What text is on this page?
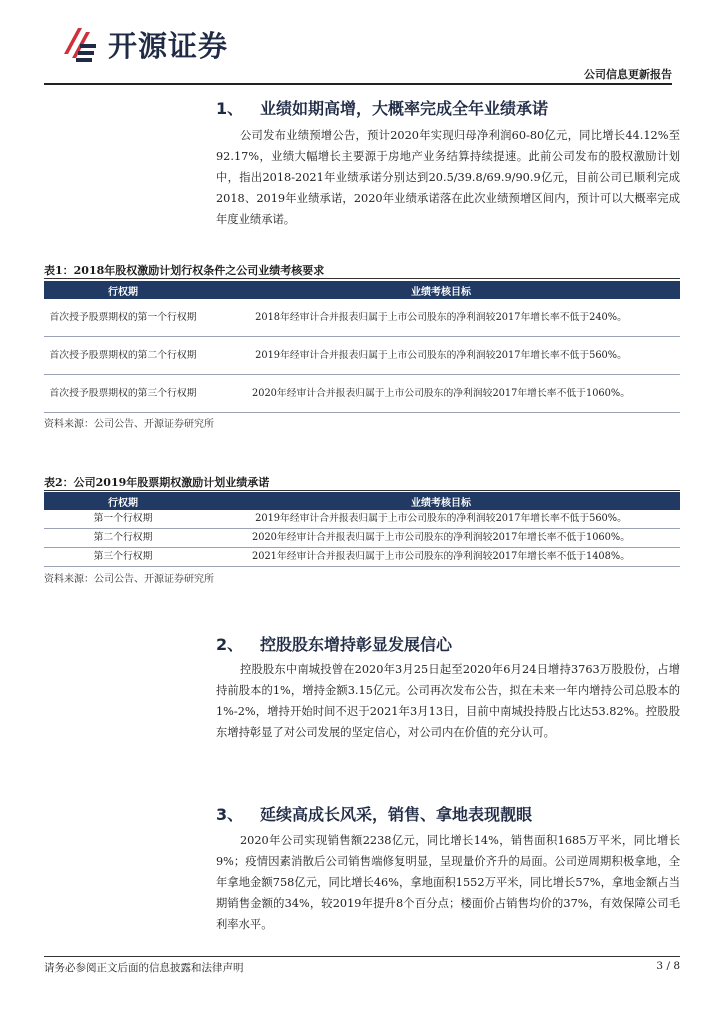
开源证券
公司信息更新报告
1、 业绩如期高增，大概率完成全年业绩承诺
公司发布业绩预增公告，预计2020年实现归母净利润60-80亿元，同比增长44.12%至92.17%，业绩大幅增长主要源于房地产业务结算持续提速。此前公司发布的股权激励计划中，指出2018-2021年业绩承诺分别达到20.5/39.8/69.9/90.9亿元，目前公司已顺利完成2018、2019年业绩承诺，2020年业绩承诺落在此次业绩预增区间内，预计可以大概率完成年度业绩承诺。
表1：2018年股权激励计划行权条件之公司业绩考核要求
行权期	业绩考核目标
首次授予股票期权的第一个行权期	2018年经审计合并报表归属于上市公司股东的净利润较2017年增长率不低于240%。
首次授予股票期权的第二个行权期	2019年经审计合并报表归属于上市公司股东的净利润较2017年增长率不低于560%。
首次授予股票期权的第三个行权期	2020年经审计合并报表归属于上市公司股东的净利润较2017年增长率不低于1060%。
资料来源：公司公告、开源证券研究所
表2：公司2019年股票期权激励计划业绩承诺
行权期	业绩考核目标
第一个行权期	2019年经审计合并报表归属于上市公司股东的净利润较2017年增长率不低于560%。
第二个行权期	2020年经审计合并报表归属于上市公司股东的净利润较2017年增长率不低于1060%。
第三个行权期	2021年经审计合并报表归属于上市公司股东的净利润较2017年增长率不低于1408%。
资料来源：公司公告、开源证券研究所
2、 控股股东增持彰显发展信心
控股股东中南城投曾在2020年3月25日起至2020年6月24日增持3763万股股份，占增持前股本的1%，增持金额3.15亿元。公司再次发布公告，拟在未来一年内增持公司总股本的1%-2%，增持开始时间不迟于2021年3月13日，目前中南城投持股占比达53.82%。控股股东增持彰显了对公司发展的坚定信心，对公司内在价值的充分认可。
3、 延续高成长风采，销售、拿地表现靓眼
2020年公司实现销售额2238亿元，同比增长14%，销售面积1685万平米，同比增长9%；疫情因素消散后公司销售端修复明显，呈现量价齐升的局面。公司逆周期积极拿地，全年拿地金额758亿元，同比增长46%，拿地面积1552万平米，同比增长57%，拿地金额占当期销售金额的34%，较2019年提升8个百分点；楼面价占销售均价的37%，有效保障公司毛利率水平。
请务必参阅正文后面的信息披露和法律声明	3 / 8
